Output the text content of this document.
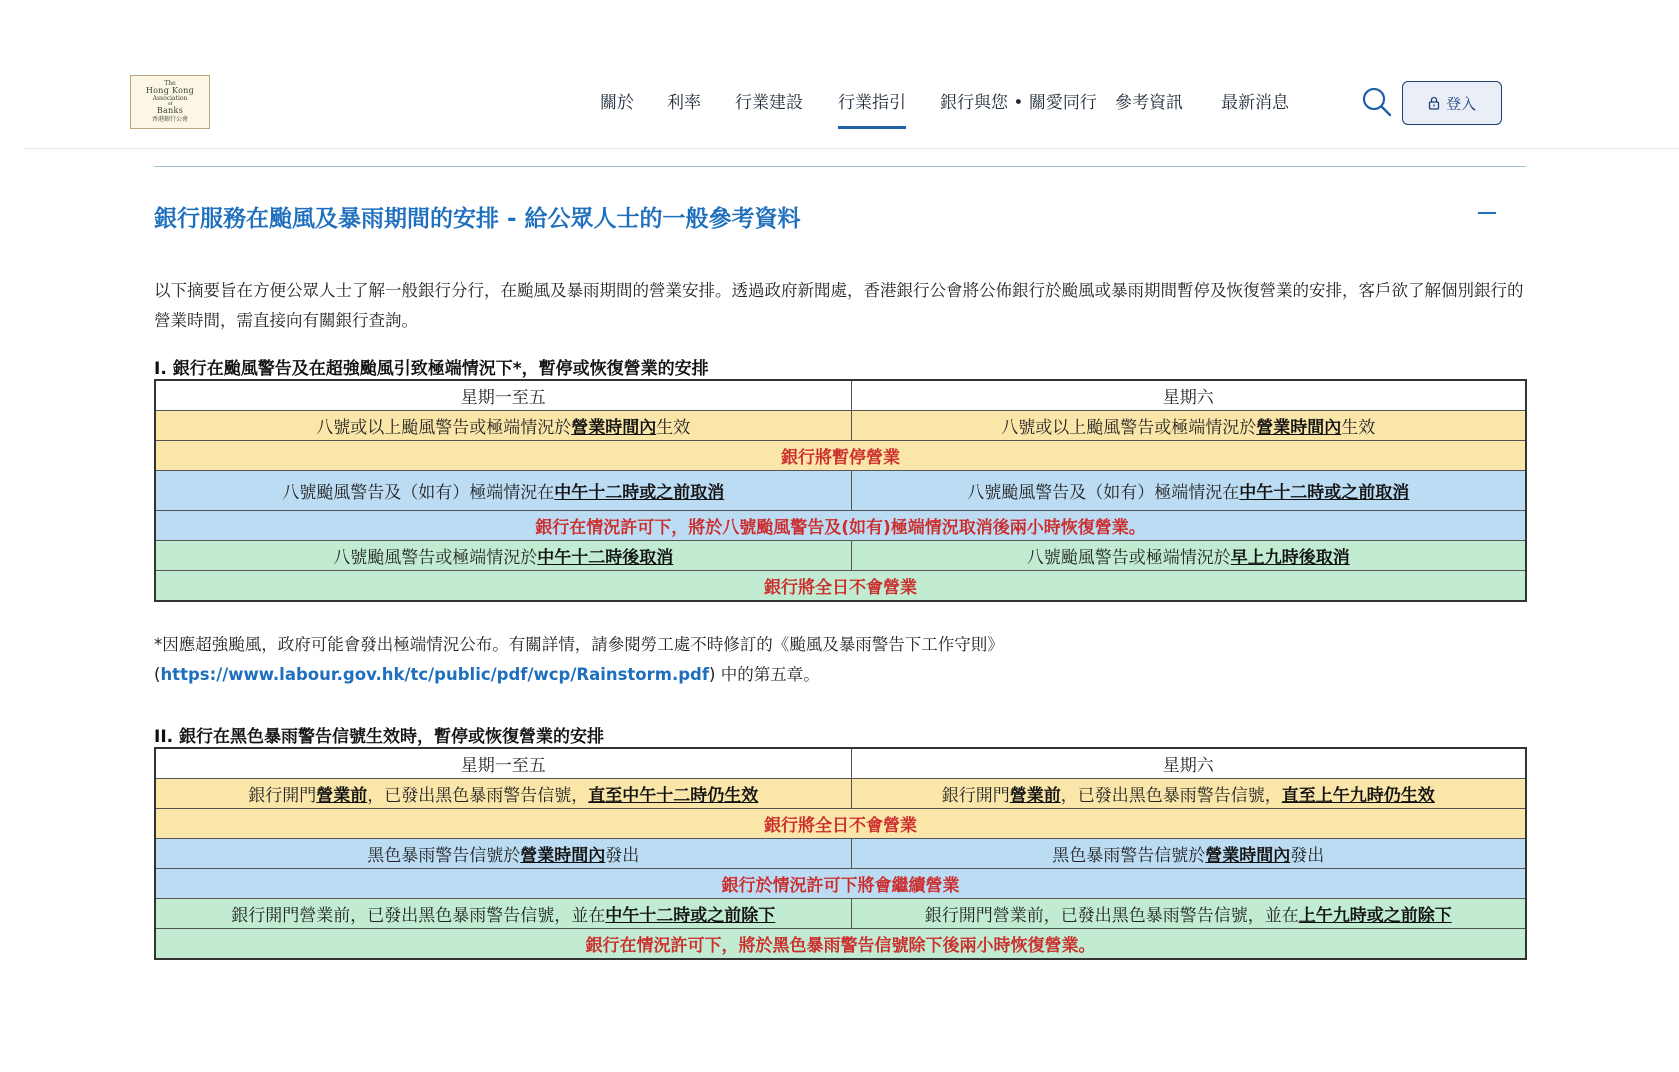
The
Hong Kong
Association
of
Banks
香港銀行公會
關於 利率 行業建設 行業指引 銀行與您 • 關愛同行 參考資訊 最新消息	登入
銀行服務在颱風及暴雨期間的安排 - 給公眾人士的一般參考資料
以下摘要旨在方便公眾人士了解一般銀行分行，在颱風及暴雨期間的營業安排。透過政府新聞處，香港銀行公會將公佈銀行於颱風或暴雨期間暫停及恢復營業的安排，客戶欲了解個別銀行的營業時間，需直接向有關銀行查詢。
I. 銀行在颱風警告及在超強颱風引致極端情況下*，暫停或恢復營業的安排
星期一至五	星期六
八號或以上颱風警告或極端情況於營業時間內生效	八號或以上颱風警告或極端情況於營業時間內生效
銀行將暫停營業	
八號颱風警告及（如有）極端情況在中午十二時或之前取消	八號颱風警告及（如有）極端情況在中午十二時或之前取消
銀行在情況許可下，將於八號颱風警告及(如有)極端情況取消後兩小時恢復營業。	
八號颱風警告或極端情況於中午十二時後取消	八號颱風警告或極端情況於早上九時後取消
銀行將全日不會營業	
*因應超強颱風，政府可能會發出極端情況公布。有關詳情，請參閱勞工處不時修訂的《颱風及暴雨警告下工作守則》(https://www.labour.gov.hk/tc/public/pdf/wcp/Rainstorm.pdf) 中的第五章。
II. 銀行在黑色暴雨警告信號生效時，暫停或恢復營業的安排
星期一至五	星期六
銀行開門營業前，已發出黑色暴雨警告信號，直至中午十二時仍生效	銀行開門營業前，已發出黑色暴雨警告信號，直至上午九時仍生效
銀行將全日不會營業	
黑色暴雨警告信號於營業時間內發出	黑色暴雨警告信號於營業時間內發出
銀行於情況許可下將會繼續營業	
銀行開門營業前，已發出黑色暴雨警告信號，並在中午十二時或之前除下	銀行開門營業前，已發出黑色暴雨警告信號，並在上午九時或之前除下
銀行在情況許可下，將於黑色暴雨警告信號除下後兩小時恢復營業。	
